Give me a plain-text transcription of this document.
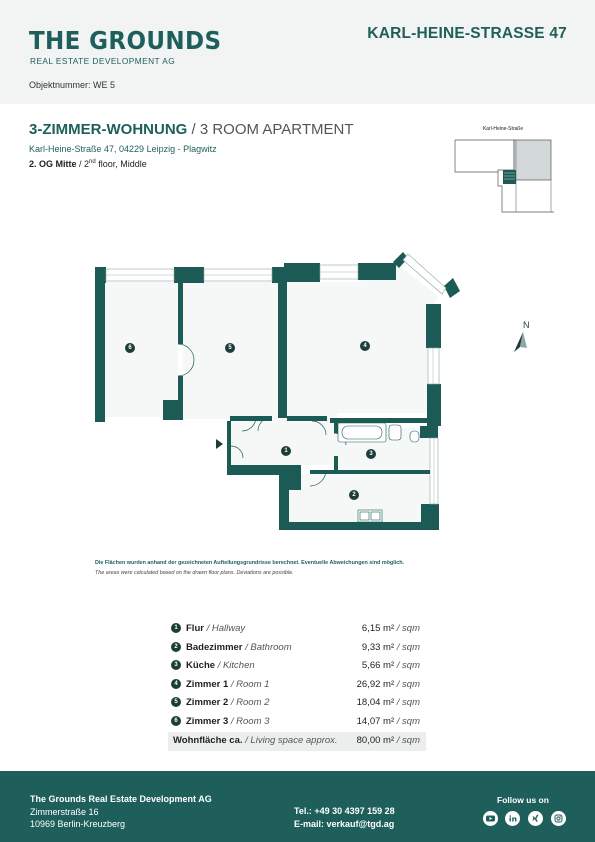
THE GROUNDS
REAL ESTATE DEVELOPMENT AG
KARL-HEINE-STRASSE 47
Objektnummer: WE 5
3-ZIMMER-WOHNUNG / 3 ROOM APARTMENT
Karl-Heine-Straße 47, 04229 Leipzig - Plagwitz
2. OG Mitte / 2nd floor, Middle
Karl-Heine-Straße
N
1
2
3
4
5
6
Die Flächen wurden anhand der gezeichneten Aufteilungsgrundrisse berechnet. Eventuelle Abweichungen sind möglich.
The areas were calculated based on the drawn floor plans. Deviations are possible.
1 Flur / Hallway	6,15 m² / sqm
2 Badezimmer / Bathroom	9,33 m² / sqm
3 Küche / Kitchen	5,66 m² / sqm
4 Zimmer 1 / Room 1	26,92 m² / sqm
5 Zimmer 2 / Room 2	18,04 m² / sqm
6 Zimmer 3 / Room 3	14,07 m² / sqm
Wohnfläche ca. / Living space approx. 80,00 m² / sqm
The Grounds Real Estate Development AG
Zimmerstraße 16
10969 Berlin-Kreuzberg
Tel.: +49 30 4397 159 28
E-mail: verkauf@tgd.ag
Follow us on
